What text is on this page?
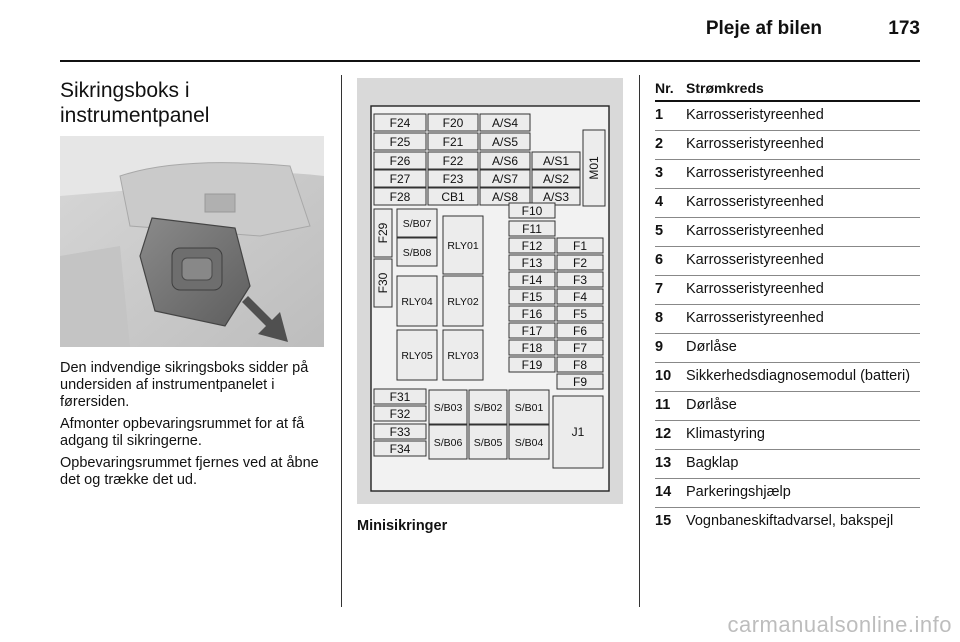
Pleje af bilen	173
Sikringsboks i
instrumentpanel

Den indvendige sikringsboks sidder på undersiden af instrumentpanelet i førersiden.

Afmonter opbevaringsrummet for at få adgang til sikringerne.

Opbevaringsrummet fjernes ved at åbne det og trække det ud.

F24	F20 A/S4
F25	F21 A/S5
F26	F22 A/S6 A/S1
F27	F23 A/S7 A/S2
F28	CB1 A/S8 A/S3
M01
F29
F30
S/B07
S/B08
RLY01
RLY04 RLY02
RLY05 RLY03
F10
F11
F12	F1
F13	F2
F14	F3
F15	F4
F16	F5
F17	F6
F18	F7
F19	F8
F9
F31
F32
F33
F34
S/B03 S/B02 S/B01
S/B06 S/B05 S/B04
J1
Minisikringer
Nr. Strømkreds
1	Karrosseristyreenhed
2	Karrosseristyreenhed
3	Karrosseristyreenhed
4	Karrosseristyreenhed
5	Karrosseristyreenhed
6	Karrosseristyreenhed
7	Karrosseristyreenhed
8	Karrosseristyreenhed
9	Dørlåse
10	Sikkerhedsdiagnosemodul (batteri)
11	Dørlåse
12	Klimastyring
13	Bagklap
14	Parkeringshjælp
15	Vognbaneskiftadvarsel, bakspejl
carmanualsonline.info
